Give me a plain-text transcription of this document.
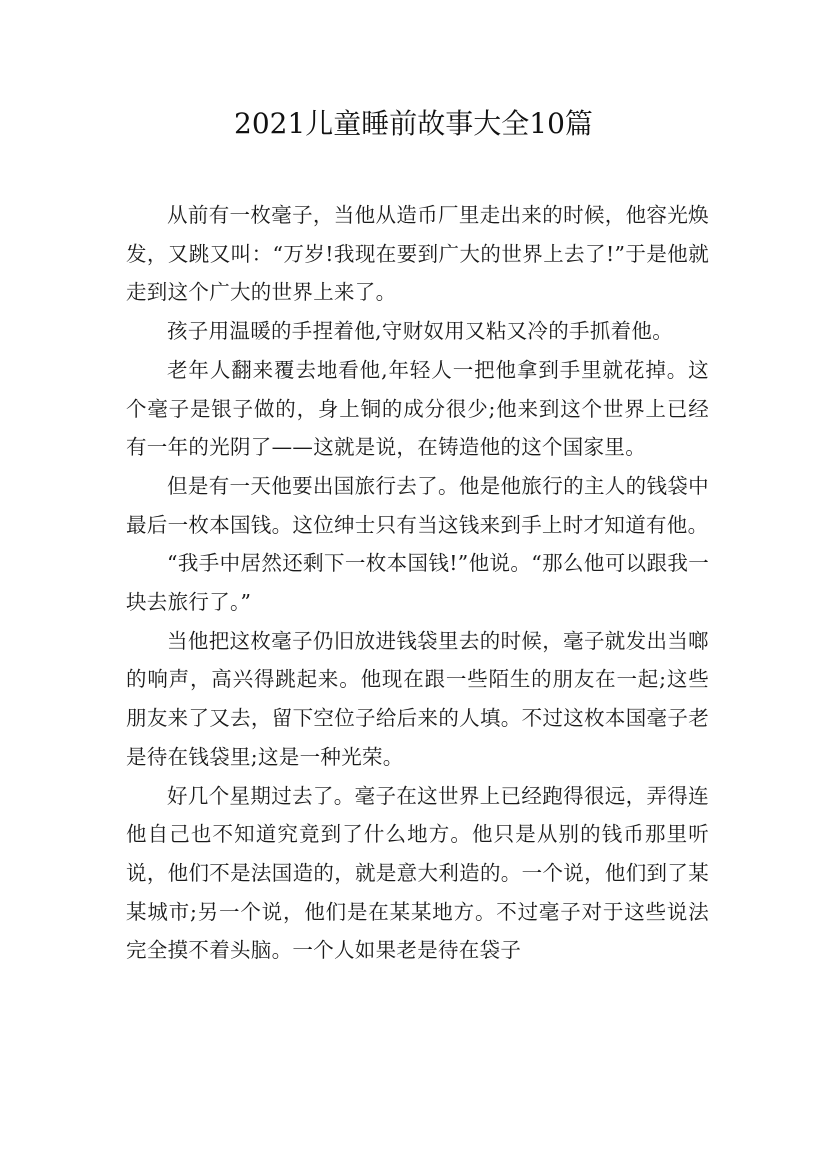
2021儿童睡前故事大全10篇

从前有一枚毫子，当他从造币厂里走出来的时候，他容光焕发，又跳又叫：“万岁!我现在要到广大的世界上去了!”于是他就走到这个广大的世界上来了。

孩子用温暖的手捏着他,守财奴用又粘又冷的手抓着他。

老年人翻来覆去地看他,年轻人一把他拿到手里就花掉。这个毫子是银子做的，身上铜的成分很少;他来到这个世界上已经有一年的光阴了——这就是说，在铸造他的这个国家里。

但是有一天他要出国旅行去了。他是他旅行的主人的钱袋中最后一枚本国钱。这位绅士只有当这钱来到手上时才知道有他。

“我手中居然还剩下一枚本国钱!”他说。“那么他可以跟我一块去旅行了。”

当他把这枚毫子仍旧放进钱袋里去的时候，毫子就发出当啷的响声，高兴得跳起来。他现在跟一些陌生的朋友在一起;这些朋友来了又去，留下空位子给后来的人填。不过这枚本国毫子老是待在钱袋里;这是一种光荣。

好几个星期过去了。毫子在这世界上已经跑得很远，弄得连他自己也不知道究竟到了什么地方。他只是从别的钱币那里听说，他们不是法国造的，就是意大利造的。一个说，他们到了某某城市;另一个说，他们是在某某地方。不过毫子对于这些说法完全摸不着头脑。一个人如果老是待在袋子
